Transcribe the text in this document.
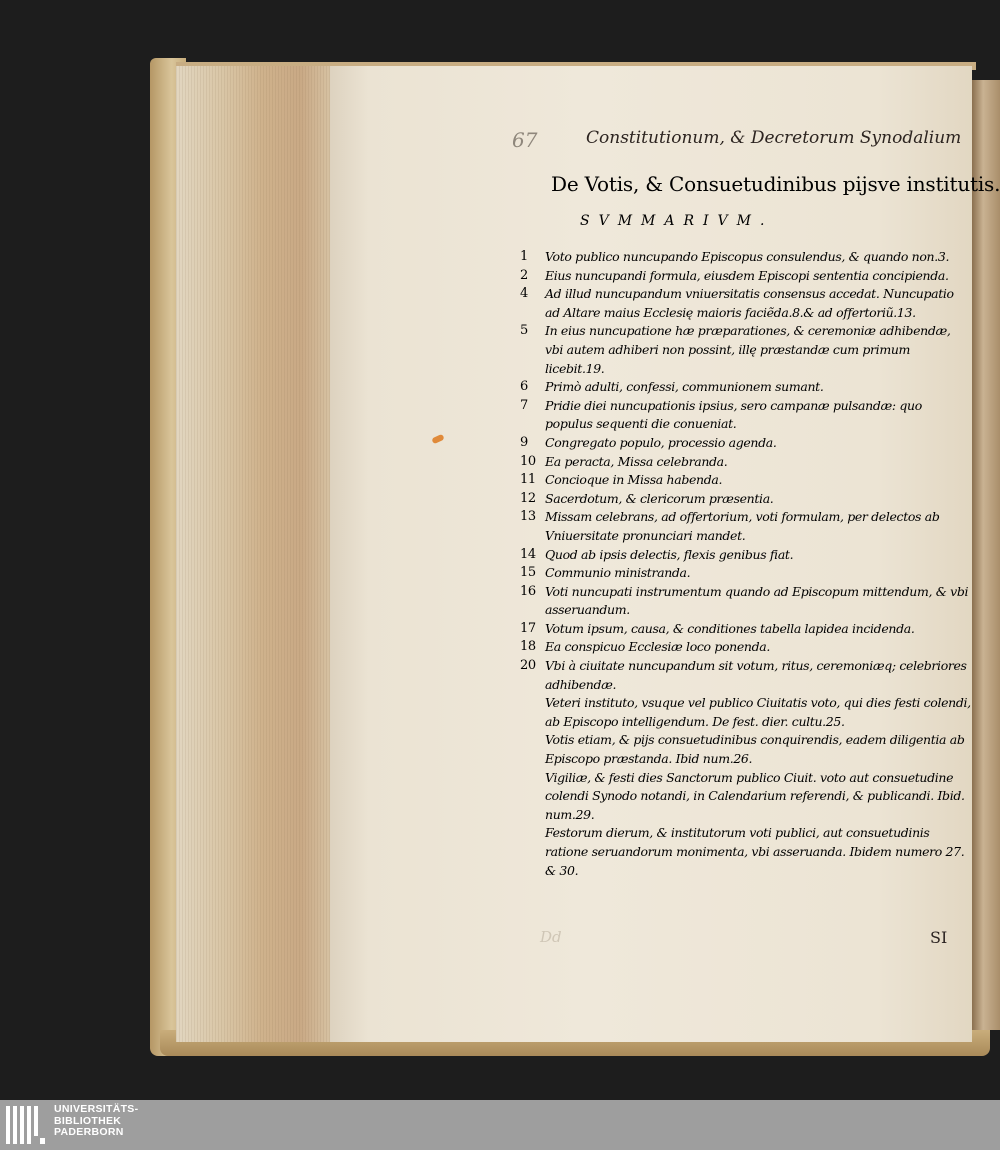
67	Constitutionum, & Decretorum Synodalium
De Votis, & Consuetudinibus pijsve institutis.
SVMMARIVM.

1	Voto publico nuncupando Episcopus consulendus, & quando non.3.

2	Eius nuncupandi formula, eiusdem Episcopi sententia concipienda.

4	Ad illud nuncupandum vniuersitatis consensus accedat. Nuncupatio ad Altare maius Ecclesię maioris faciẽda.8.& ad offertoriũ.13.

5	In eius nuncupatione hæ præparationes, & ceremoniæ adhibendæ, vbi autem adhiberi non possint, illę præstandæ cum primum licebit.19.

6	Primò adulti, confessi, communionem sumant.

7	Pridie diei nuncupationis ipsius, sero campanæ pulsandæ: quo populus sequenti die conueniat.

9	Congregato populo, processio agenda.

10 Ea peracta, Missa celebranda.

11 Concioque in Missa habenda.

12 Sacerdotum, & clericorum præsentia.

13 Missam celebrans, ad offertorium, voti formulam, per delectos ab Vniuersitate pronunciari mandet.

14 Quod ab ipsis delectis, flexis genibus fiat.

15 Communio ministranda.

16 Voti nuncupati instrumentum quando ad Episcopum mittendum, & vbi asseruandum.

17 Votum ipsum, causa, & conditiones tabella lapidea incidenda.

18 Ea conspicuo Ecclesiæ loco ponenda.

20 Vbi à ciuitate nuncupandum sit votum, ritus, ceremoniæq; celebriores adhibendæ.

Veteri instituto, vsuque vel publico Ciuitatis voto, qui dies festi colendi, ab Episcopo intelligendum. De fest. dier. cultu.25.

Votis etiam, & pijs consuetudinibus conquirendis, eadem diligentia ab Episcopo præstanda. Ibid num.26.

Vigiliæ, & festi dies Sanctorum publico Ciuit. voto aut consuetudine colendi Synodo notandi, in Calendarium referendi, & publicandi. Ibid. num.29.

Festorum dierum, & institutorum voti publici, aut consuetudinis ratione seruandorum monimenta, vbi asseruanda. Ibidem numero 27. & 30.

Dd	SI
UNIVERSITÄTS-
BIBLIOTHEK
PADERBORN
